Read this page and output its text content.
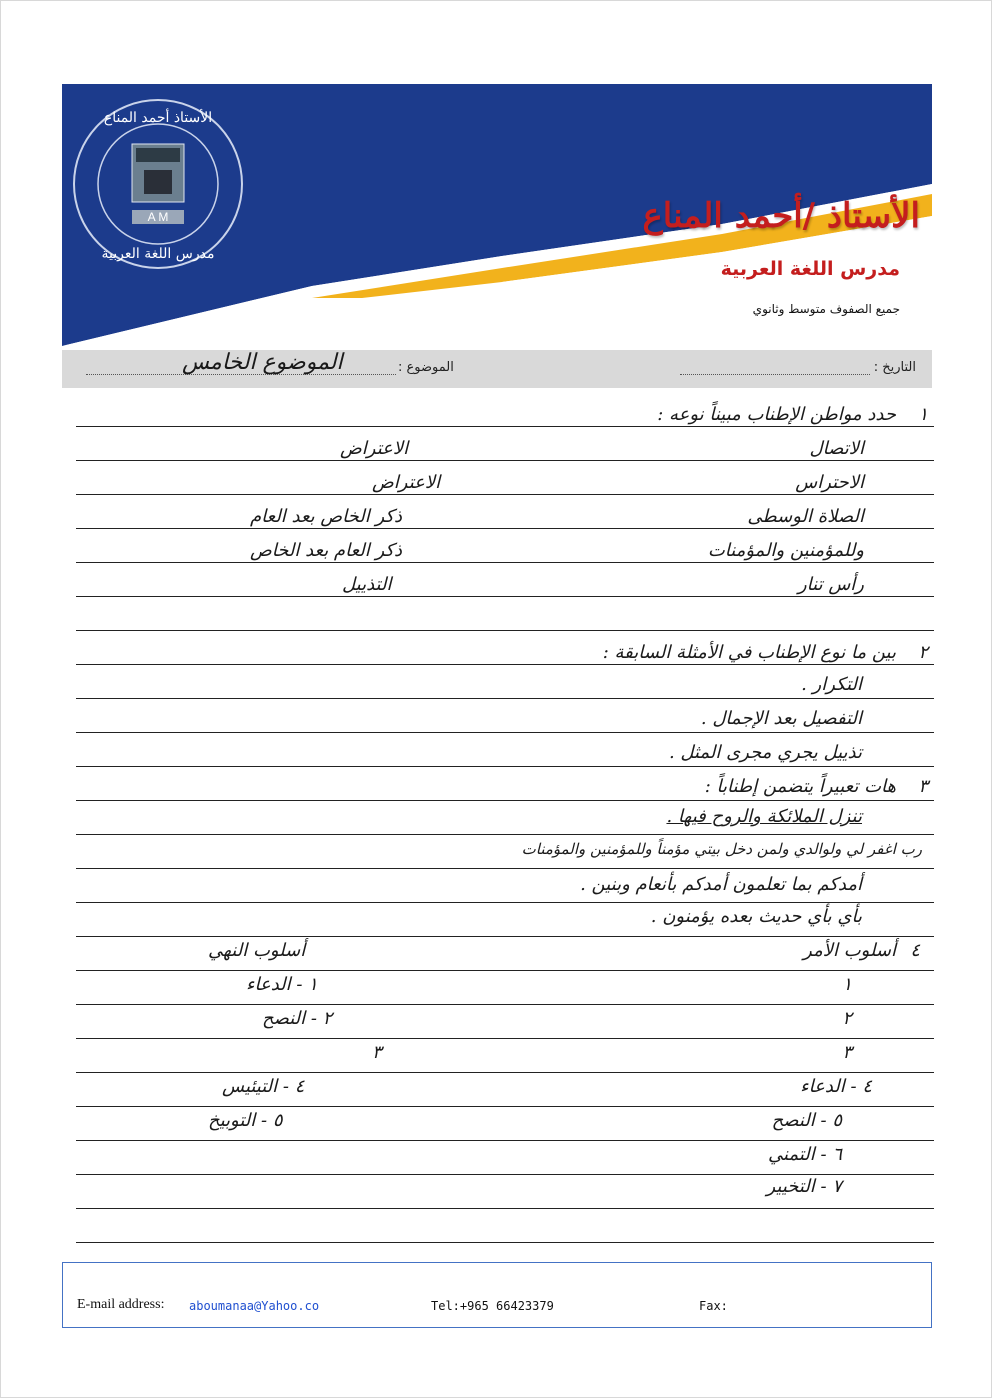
A M
الأستاذ أحمد المناع
مدرس اللغة العربية
الأستاذ /أحمد المناع
مدرس اللغة العربية
جميع الصفوف متوسط وثانوي
التاريخ :
الموضوع :
الموضوع الخامس
١
حدد مواطن الإطناب مبيناً نوعه :
الاتصال
الاعتراض
الاحتراس
الاعتراض
الصلاة الوسطى
ذكر الخاص بعد العام
وللمؤمنين والمؤمنات
ذكر العام بعد الخاص
رأس تنار
التذييل
٢
بين ما نوع الإطناب في الأمثلة السابقة :
التكرار .
التفصيل بعد الإجمال .
تذييل يجري مجرى المثل .
٣
هات تعبيراً يتضمن إطناباً :
تنزل الملائكة والروح فيها .
رب اغفر لي ولوالدي ولمن دخل بيتي مؤمناً وللمؤمنين والمؤمنات
أمدكم بما تعلمون أمدكم بأنعام وبنين .
بأي بأي حديث بعده يؤمنون .
٤
أسلوب الأمر
أسلوب النهي
١
٢
٣
٤ - الدعاء
٥ - النصح
٦ - التمني
٧ - التخيير
١ - الدعاء
٢ - النصح
٣
٤ - التيئيس
٥ - التوبيخ
E-mail address: aboumanaa@Yahoo.co	Tel:+965 66423379	Fax:
